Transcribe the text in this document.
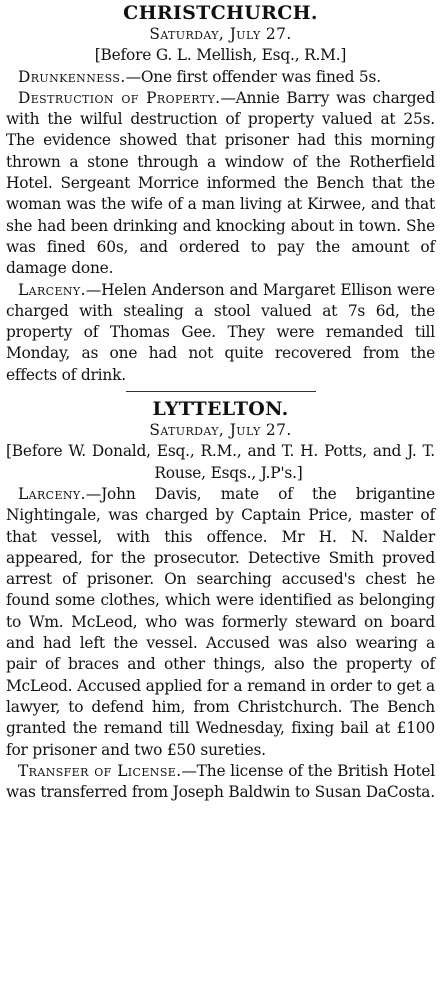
CHRISTCHURCH.

Saturday, July 27.

[Before G. L. Mellish, Esq., R.M.]

Drunkenness.—One first offender was fined 5s.

Destruction of Property.—Annie Barry was charged with the wilful destruction of property valued at 25s. The evidence showed that prisoner had this morning thrown a stone through a window of the Rotherfield Hotel. Sergeant Morrice informed the Bench that the woman was the wife of a man living at Kirwee, and that she had been drinking and knocking about in town. She was fined 60s, and ordered to pay the amount of damage done.

Larceny.—Helen Anderson and Margaret Ellison were charged with stealing a stool valued at 7s 6d, the property of Thomas Gee. They were remanded till Monday, as one had not quite recovered from the effects of drink.

LYTTELTON.

Saturday, July 27.

[Before W. Donald, Esq., R.M., and T. H. Potts, and J. T. Rouse, Esqs., J.P's.]

Larceny.—John Davis, mate of the brigantine Nightingale, was charged by Captain Price, master of that vessel, with this offence. Mr H. N. Nalder appeared, for the prosecutor. Detective Smith proved arrest of prisoner. On searching accused's chest he found some clothes, which were identified as belonging to Wm. McLeod, who was formerly steward on board and had left the vessel. Accused was also wearing a pair of braces and other things, also the property of McLeod. Accused applied for a remand in order to get a lawyer, to defend him, from Christchurch. The Bench granted the remand till Wednesday, fixing bail at £100 for prisoner and two £50 sureties.

Transfer of License.—The license of the British Hotel was transferred from Joseph Baldwin to Susan DaCosta.
